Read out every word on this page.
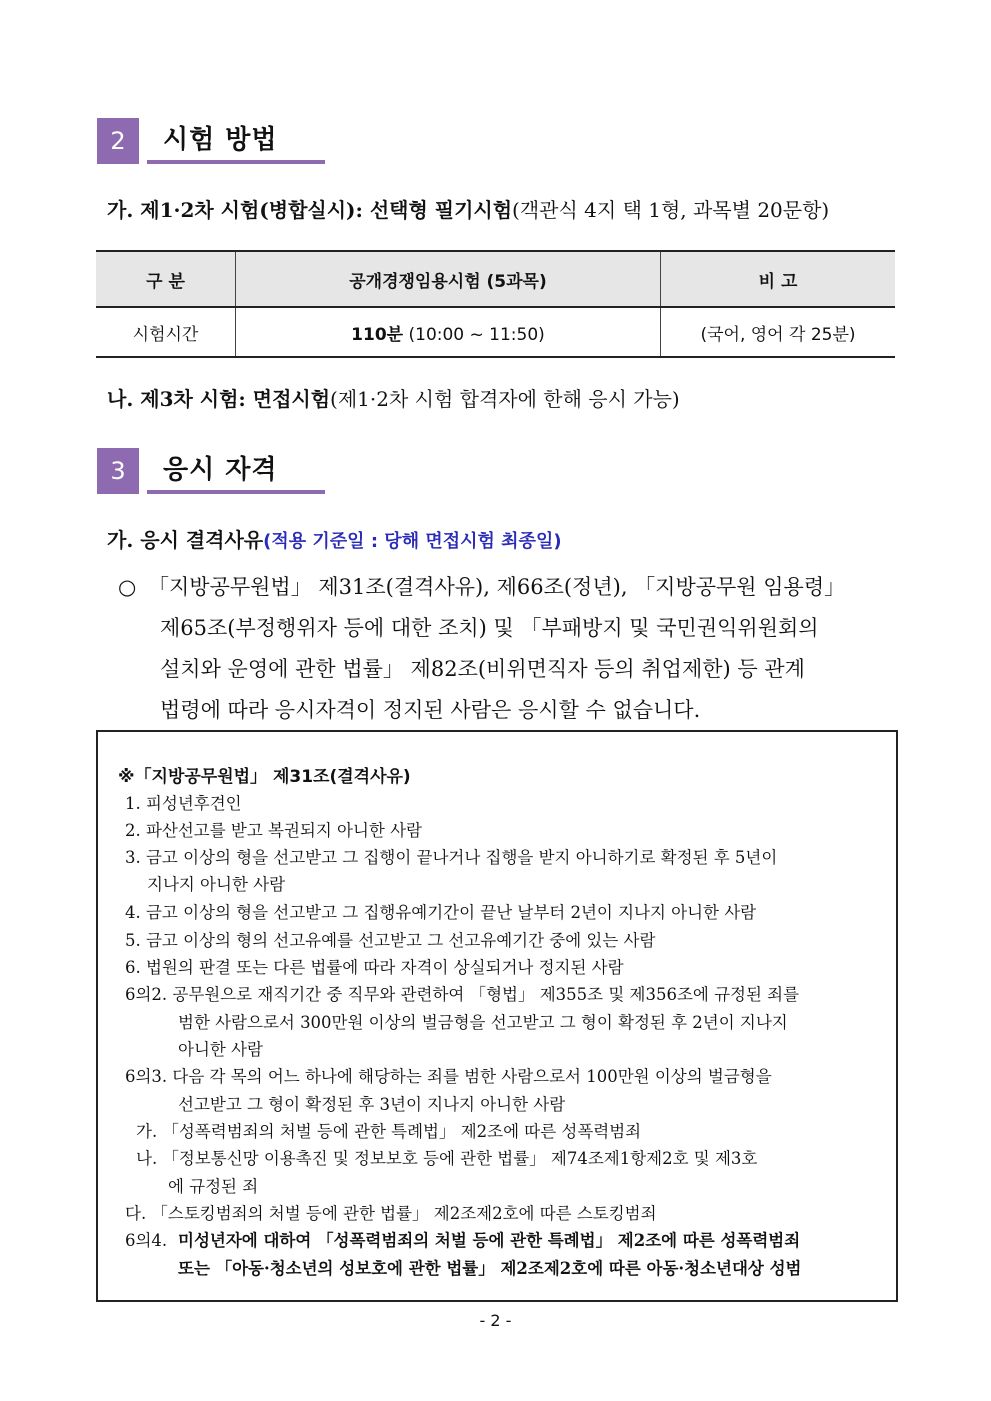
2	시험 방법
가. 제1·2차 시험(병합실시): 선택형 필기시험(객관식 4지 택 1형, 과목별 20문항)
구 분	공개경쟁임용시험 (5과목)	비 고
시험시간	110분 (10:00 ~ 11:50)	(국어, 영어 각 25분)
나. 제3차 시험: 면접시험(제1·2차 시험 합격자에 한해 응시 가능)
3	응시 자격
가. 응시 결격사유(적용 기준일 : 당해 면접시험 최종일)
○ 「지방공무원법」 제31조(결격사유), 제66조(정년), 「지방공무원 임용령」
제65조(부정행위자 등에 대한 조치) 및 「부패방지 및 국민권익위원회의
설치와 운영에 관한 법률」 제82조(비위면직자 등의 취업제한) 등 관계
법령에 따라 응시자격이 정지된 사람은 응시할 수 없습니다.
※「지방공무원법」 제31조(결격사유)
1. 피성년후견인
2. 파산선고를 받고 복권되지 아니한 사람
3. 금고 이상의 형을 선고받고 그 집행이 끝나거나 집행을 받지 아니하기로 확정된 후 5년이
지나지 아니한 사람
4. 금고 이상의 형을 선고받고 그 집행유예기간이 끝난 날부터 2년이 지나지 아니한 사람
5. 금고 이상의 형의 선고유예를 선고받고 그 선고유예기간 중에 있는 사람
6. 법원의 판결 또는 다른 법률에 따라 자격이 상실되거나 정지된 사람
6의2. 공무원으로 재직기간 중 직무와 관련하여 「형법」 제355조 및 제356조에 규정된 죄를
범한 사람으로서 300만원 이상의 벌금형을 선고받고 그 형이 확정된 후 2년이 지나지
아니한 사람
6의3. 다음 각 목의 어느 하나에 해당하는 죄를 범한 사람으로서 100만원 이상의 벌금형을
선고받고 그 형이 확정된 후 3년이 지나지 아니한 사람
가. 「성폭력범죄의 처벌 등에 관한 특례법」 제2조에 따른 성폭력범죄
나. 「정보통신망 이용촉진 및 정보보호 등에 관한 법률」 제74조제1항제2호 및 제3호
에 규정된 죄
다. 「스토킹범죄의 처벌 등에 관한 법률」 제2조제2호에 따른 스토킹범죄
6의4. 미성년자에 대하여 「성폭력범죄의 처벌 등에 관한 특례법」 제2조에 따른 성폭력범죄
또는 「아동·청소년의 성보호에 관한 법률」 제2조제2호에 따른 아동·청소년대상 성범
- 2 -
